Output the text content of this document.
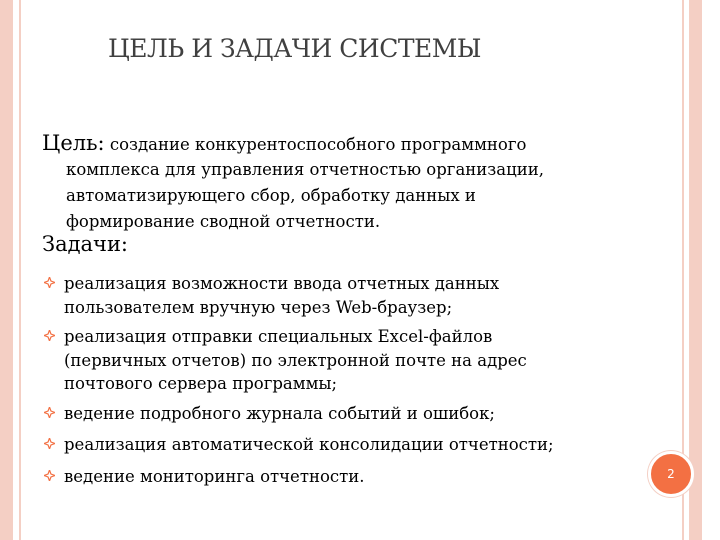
ЦЕЛЬ И ЗАДАЧИ СИСТЕМЫ
Цель: создание конкурентоспособного программного
комплекса для управления отчетностью организации,
автоматизирующего сбор, обработку данных и
формирование сводной отчетности.
Задачи:
реализация возможности ввода отчетных данных
пользователем вручную через Web-браузер;
реализация отправки специальных Excel-файлов
(первичных отчетов) по электронной почте на адрес
почтового сервера программы;
ведение подробного журнала событий и ошибок;
реализация автоматической консолидации отчетности;
ведение мониторинга отчетности.	2
